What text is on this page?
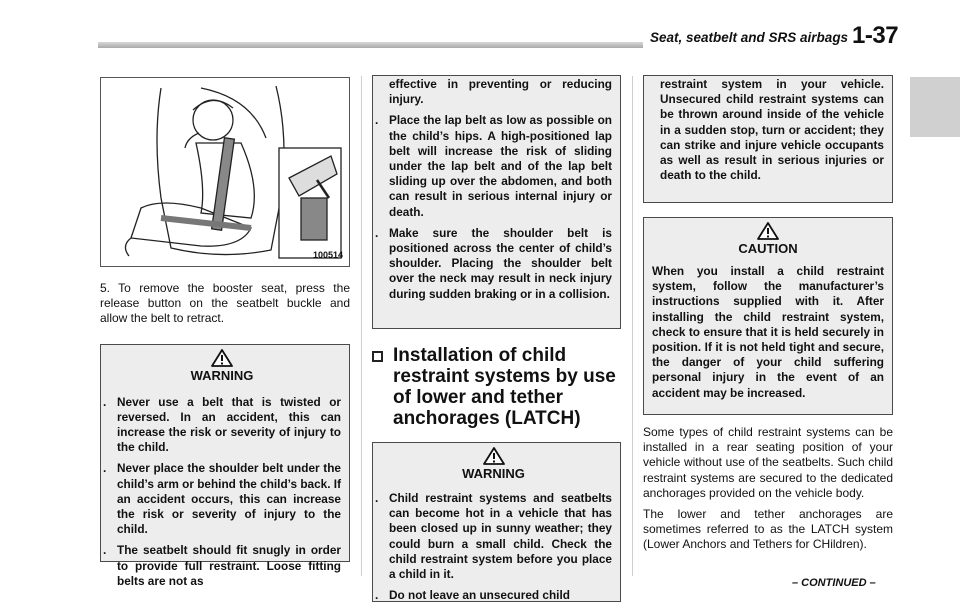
Seat, seatbelt and SRS airbags 1-37
100514

5. To remove the booster seat, press the release button on the seatbelt buckle and allow the belt to retract.

WARNING
. Never use a belt that is twisted or reversed. In an accident, this can increase the risk or severity of injury to the child.
. Never place the shoulder belt under the child’s arm or behind the child’s back. If an accident occurs, this can increase the risk or severity of injury to the child.
. The seatbelt should fit snugly in order to provide full restraint. Loose fitting belts are not as
effective in preventing or reducing injury.
. Place the lap belt as low as possible on the child’s hips. A high-positioned lap belt will increase the risk of sliding under the lap belt and of the lap belt sliding up over the abdomen, and both can result in serious internal injury or death.
. Make sure the shoulder belt is positioned across the center of child’s shoulder. Placing the shoulder belt over the neck may result in neck injury during sudden braking or in a collision.
Installation of child restraint systems by use of lower and tether anchorages (LATCH)
WARNING
. Child restraint systems and seatbelts can become hot in a vehicle that has been closed up in sunny weather; they could burn a small child. Check the child restraint system before you place a child in it.
. Do not leave an unsecured child
restraint system in your vehicle. Unsecured child restraint systems can be thrown around inside of the vehicle in a sudden stop, turn or accident; they can strike and injure vehicle occupants as well as result in serious injuries or death to the child.
CAUTION
When you install a child restraint system, follow the manufacturer’s instructions supplied with it. After installing the child restraint system, check to ensure that it is held securely in position. If it is not held tight and secure, the danger of your child suffering personal injury in the event of an accident may be increased.

Some types of child restraint systems can be installed in a rear seating position of your vehicle without use of the seatbelts. Such child restraint systems are secured to the dedicated anchorages provided on the vehicle body.

The lower and tether anchorages are sometimes referred to as the LATCH system (Lower Anchors and Tethers for CHildren).

– CONTINUED –
